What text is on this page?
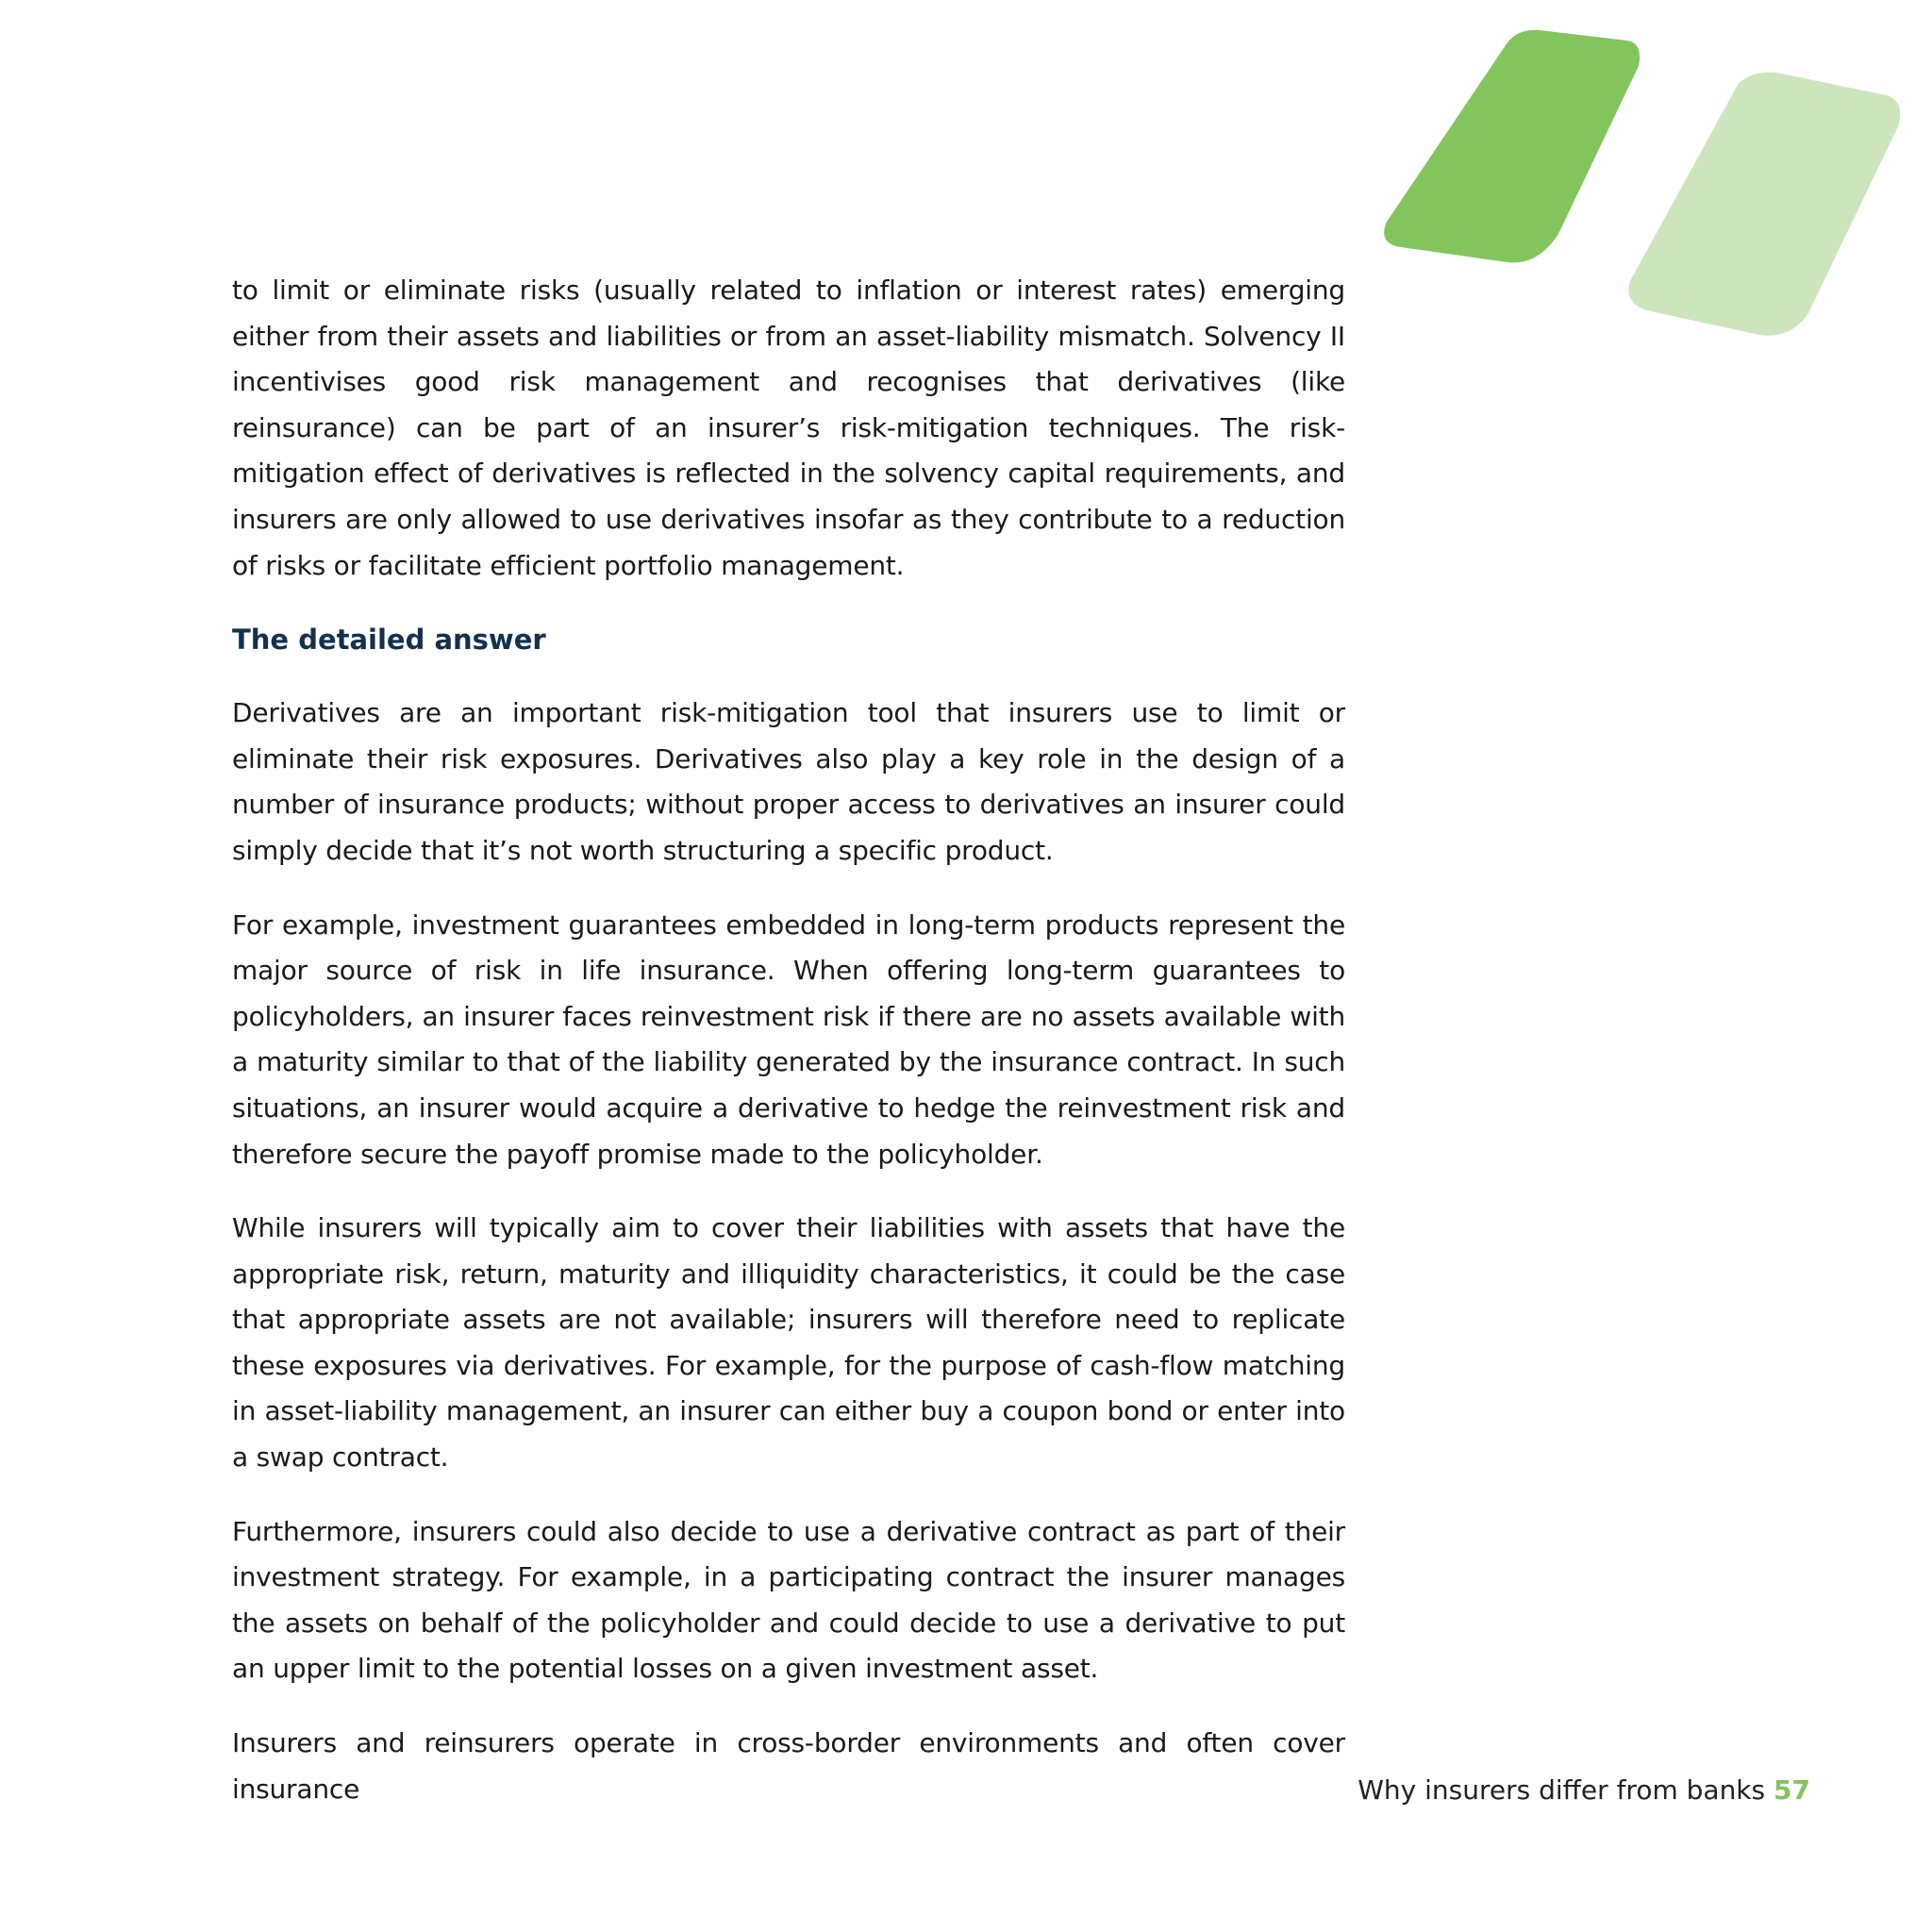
to limit or eliminate risks (usually related to inflation or interest rates) emerging either from their assets and liabilities or from an asset-liability mismatch. Solvency II incentivises good risk management and recognises that derivatives (like reinsurance) can be part of an insurer’s risk-mitigation techniques. The risk-mitigation effect of derivatives is reflected in the solvency capital requirements, and insurers are only allowed to use derivatives insofar as they contribute to a reduction of risks or facilitate efficient portfolio management.

The detailed answer

Derivatives are an important risk-mitigation tool that insurers use to limit or eliminate their risk exposures. Derivatives also play a key role in the design of a number of insurance products; without proper access to derivatives an insurer could simply decide that it’s not worth structuring a specific product.

For example, investment guarantees embedded in long-term products represent the major source of risk in life insurance. When offering long-term guarantees to policyholders, an insurer faces reinvestment risk if there are no assets available with a maturity similar to that of the liability generated by the insurance contract. In such situations, an insurer would acquire a derivative to hedge the reinvestment risk and therefore secure the payoff promise made to the policyholder.

While insurers will typically aim to cover their liabilities with assets that have the appropriate risk, return, maturity and illiquidity characteristics, it could be the case that appropriate assets are not available; insurers will therefore need to replicate these exposures via derivatives. For example, for the purpose of cash-flow matching in asset-liability management, an insurer can either buy a coupon bond or enter into a swap contract.

Furthermore, insurers could also decide to use a derivative contract as part of their investment strategy. For example, in a participating contract the insurer manages the assets on behalf of the policyholder and could decide to use a derivative to put an upper limit to the potential losses on a given investment asset.

Insurers and reinsurers operate in cross-border environments and often cover insurance	Why insurers differ from banks 57
